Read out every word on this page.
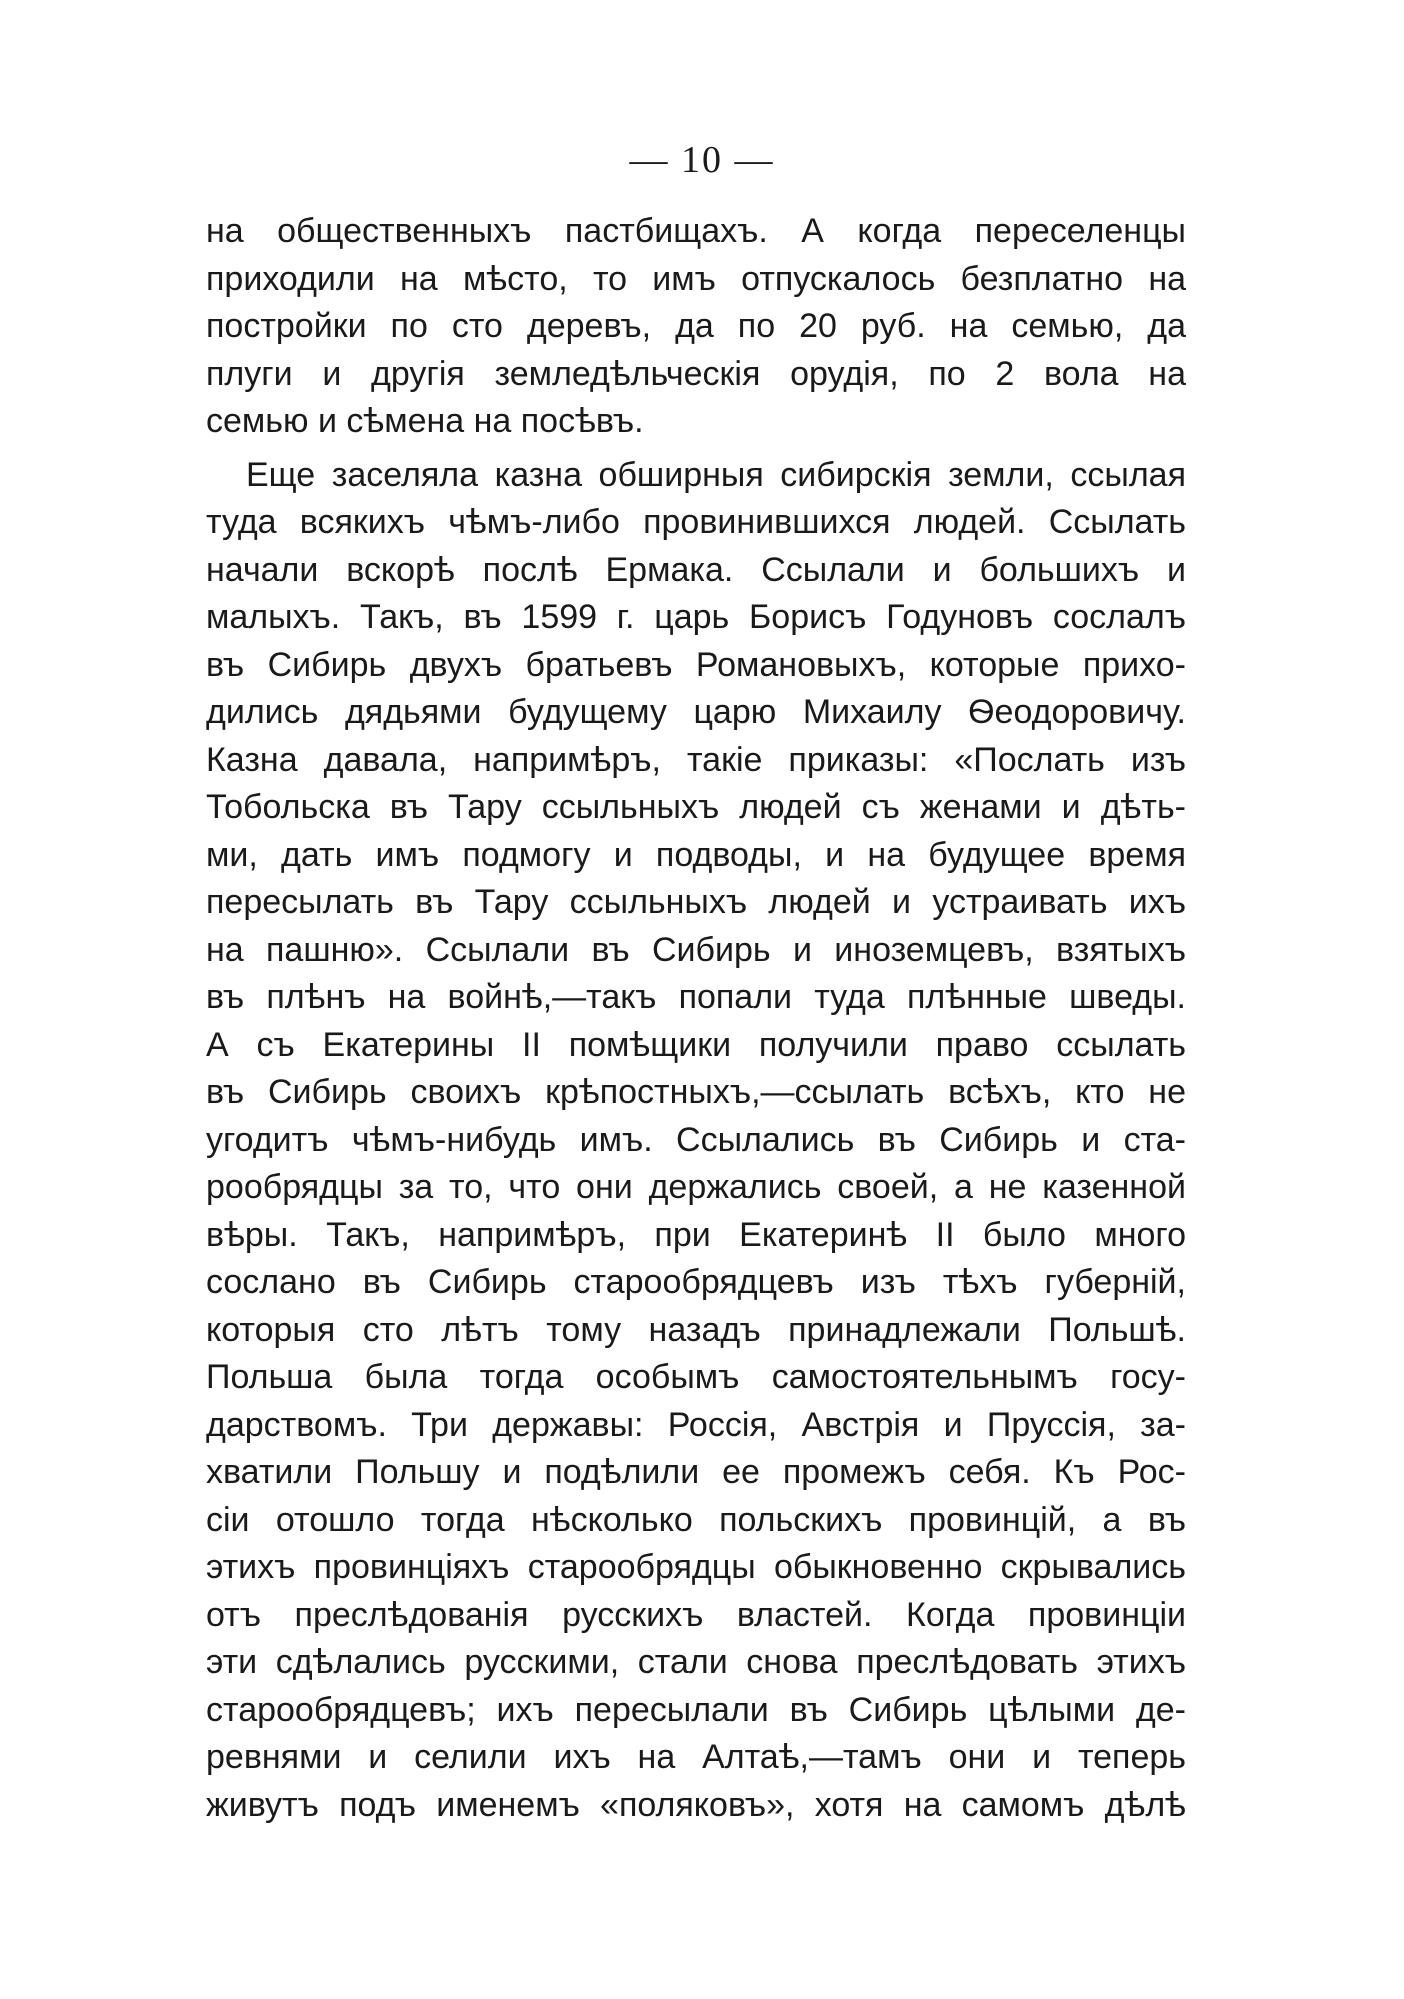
— 10 —
на общественныхъ пастбищахъ. А когда переселенцы
приходили на мѣсто, то имъ отпускалось безплатно на
постройки по сто деревъ, да по 20 руб. на семью, да
плуги и другія земледѣльческія орудія, по 2 вола на
семью и сѣмена на посѣвъ.
Еще заселяла казна обширныя сибирскія земли, ссылая
туда всякихъ чѣмъ-либо провинившихся людей. Ссылать
начали вскорѣ послѣ Ермака. Ссылали и большихъ и
малыхъ. Такъ, въ 1599 г. царь Борисъ Годуновъ сослалъ
въ Сибирь двухъ братьевъ Романовыхъ, которые прихо-
дились дядьями будущему царю Михаилу Ѳеодоровичу.
Казна давала, напримѣръ, такіе приказы: «Послать изъ
Тобольска въ Тару ссыльныхъ людей съ женами и дѣть-
ми, дать имъ подмогу и подводы, и на будущее время
пересылать въ Тару ссыльныхъ людей и устраивать ихъ
на пашню». Ссылали въ Сибирь и иноземцевъ, взятыхъ
въ плѣнъ на войнѣ,—такъ попали туда плѣнные шведы.
А съ Екатерины II помѣщики получили право ссылать
въ Сибирь своихъ крѣпостныхъ,—ссылать всѣхъ, кто не
угодитъ чѣмъ-нибудь имъ. Ссылались въ Сибирь и ста-
рообрядцы за то, что они держались своей, а не казенной
вѣры. Такъ, напримѣръ, при Екатеринѣ II было много
сослано въ Сибирь старообрядцевъ изъ тѣхъ губерній,
которыя сто лѣтъ тому назадъ принадлежали Польшѣ.
Польша была тогда особымъ самостоятельнымъ госу-
дарствомъ. Три державы: Россія, Австрія и Пруссія, за-
хватили Польшу и подѣлили ее промежъ себя. Къ Рос-
сіи отошло тогда нѣсколько польскихъ провинцій, а въ
этихъ провинціяхъ старообрядцы обыкновенно скрывались
отъ преслѣдованія русскихъ властей. Когда провинціи
эти сдѣлались русскими, стали снова преслѣдовать этихъ
старообрядцевъ; ихъ пересылали въ Сибирь цѣлыми де-
ревнями и селили ихъ на Алтаѣ,—тамъ они и теперь
живутъ подъ именемъ «поляковъ», хотя на самомъ дѣлѣ
